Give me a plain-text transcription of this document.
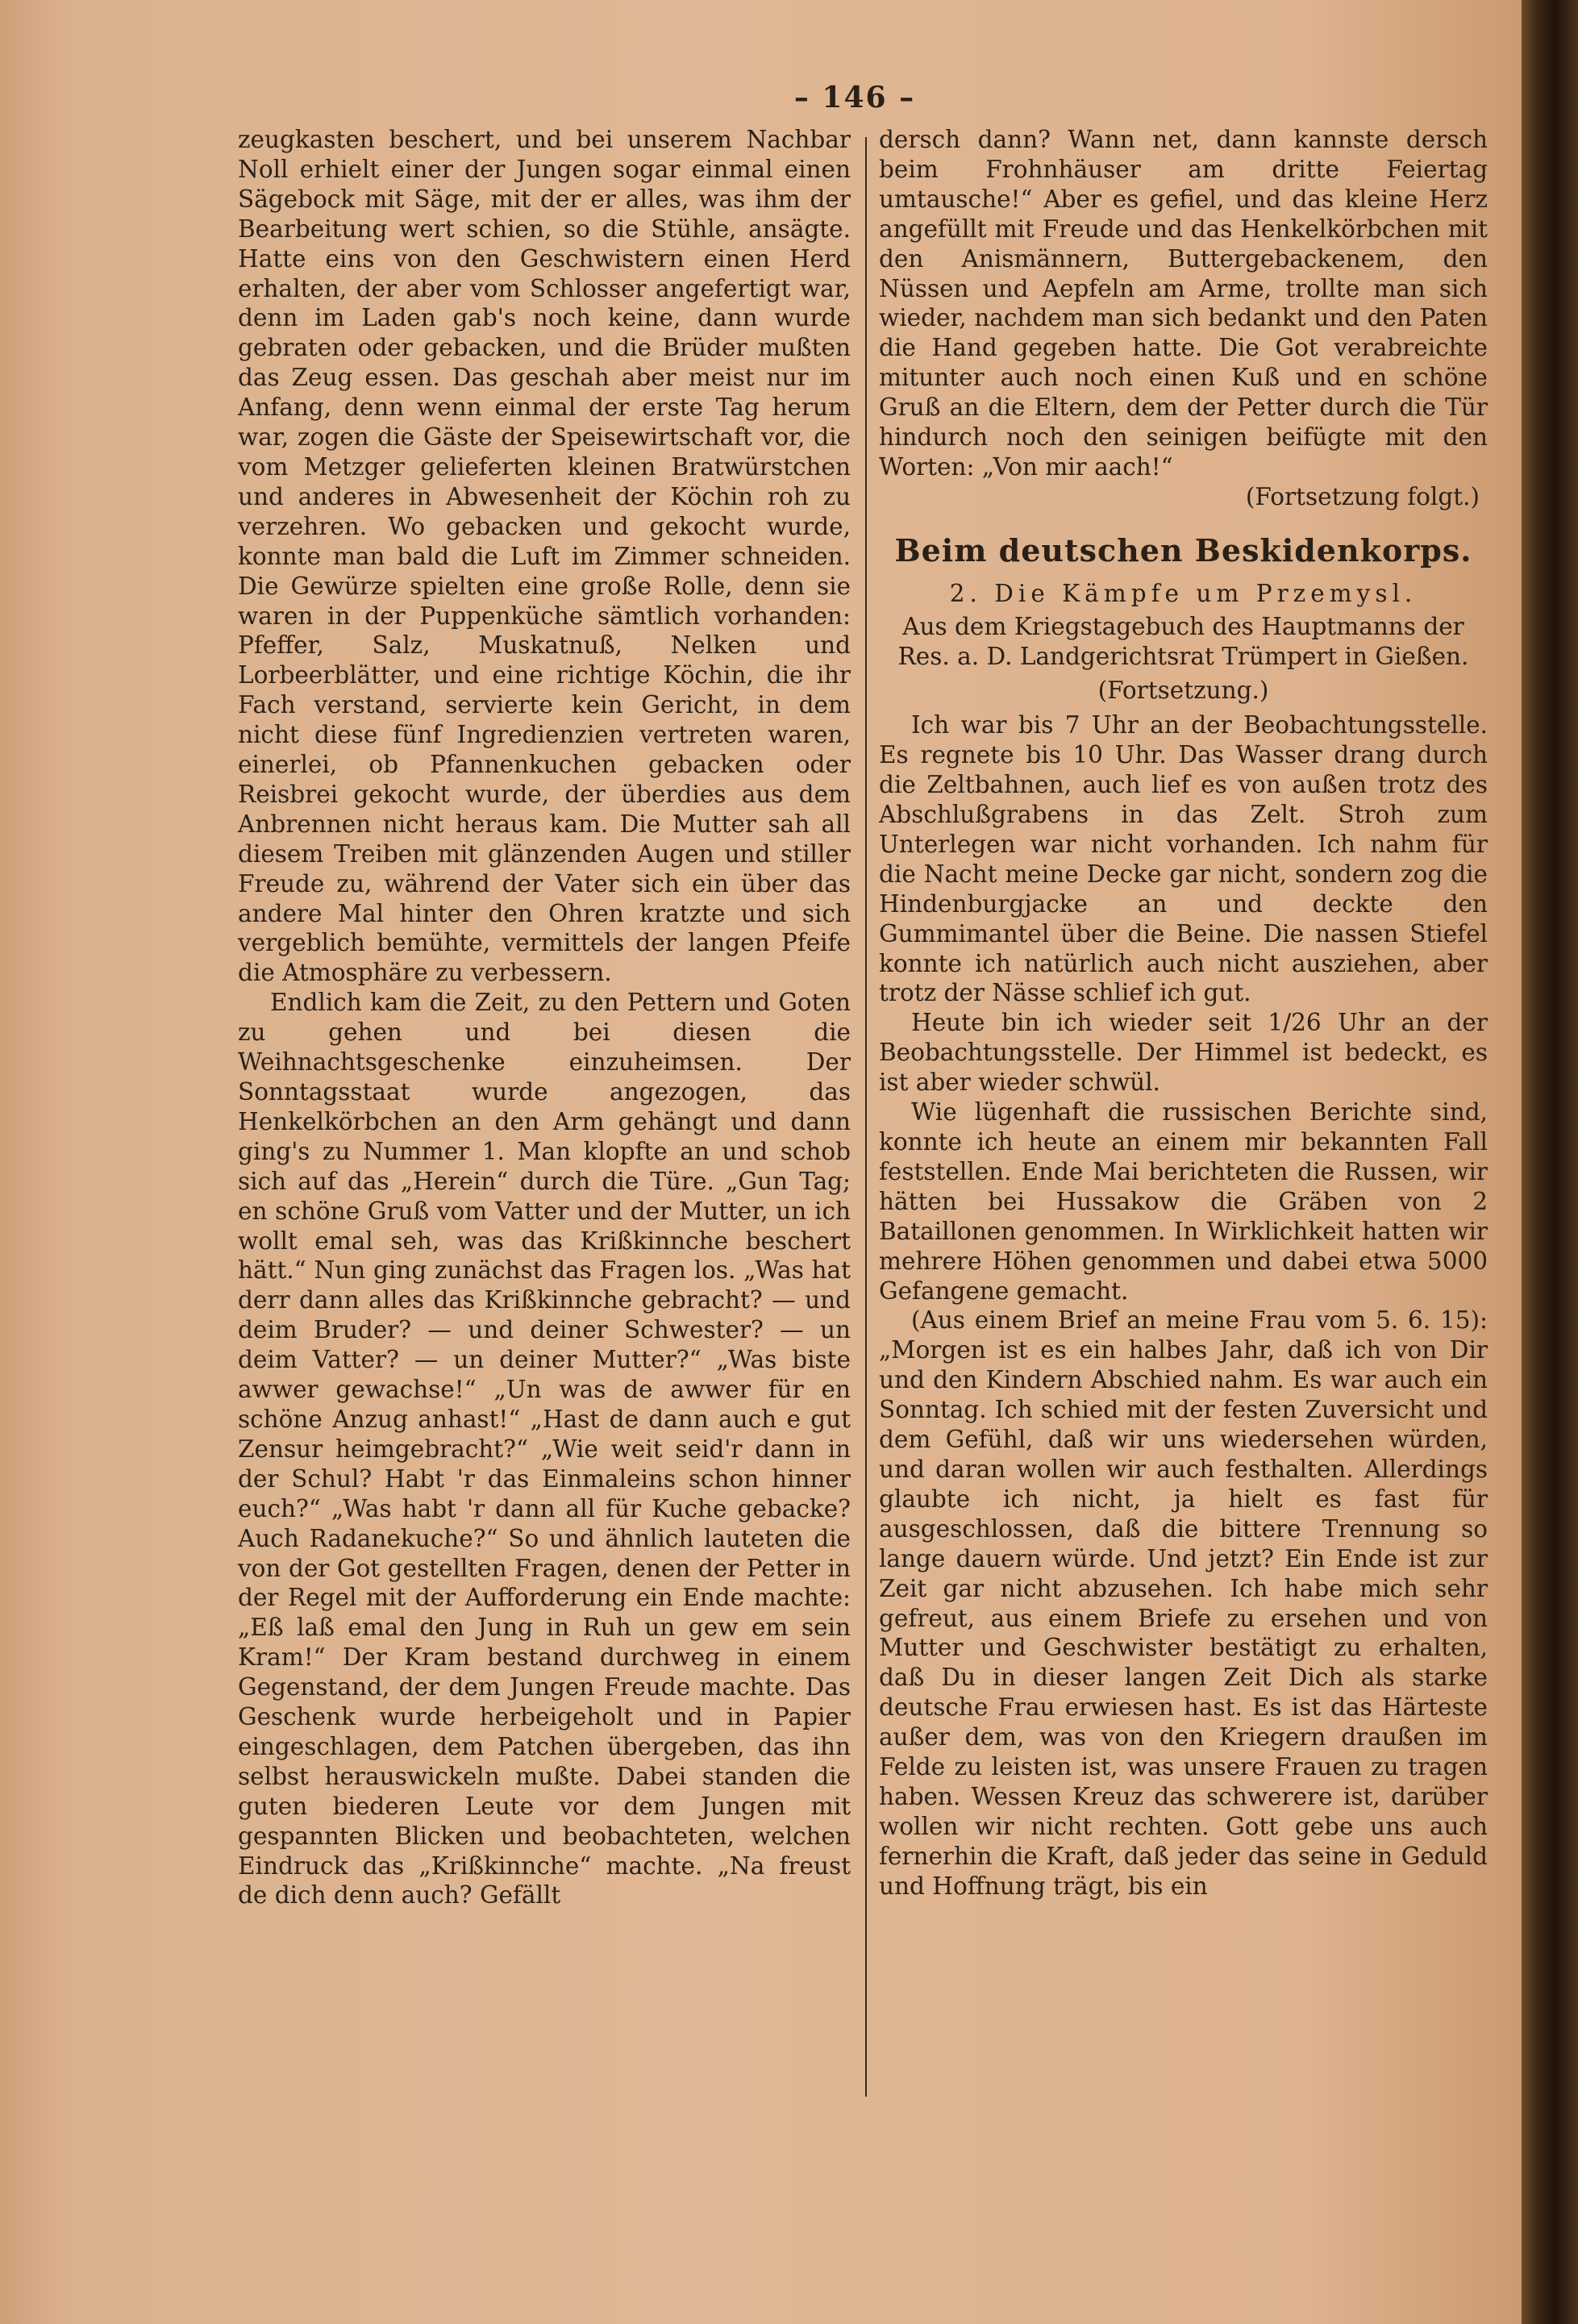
– 146 –

zeugkasten beschert, und bei unserem Nachbar Noll erhielt einer der Jungen sogar einmal einen Sägebock mit Säge, mit der er alles, was ihm der Bearbeitung wert schien, so die Stühle, ansägte. Hatte eins von den Geschwistern einen Herd erhalten, der aber vom Schlosser angefertigt war, denn im Laden gab's noch keine, dann wurde gebraten oder gebacken, und die Brüder mußten das Zeug essen. Das geschah aber meist nur im Anfang, denn wenn einmal der erste Tag herum war, zogen die Gäste der Speisewirtschaft vor, die vom Metzger gelieferten kleinen Bratwürstchen und anderes in Abwesenheit der Köchin roh zu verzehren. Wo gebacken und gekocht wurde, konnte man bald die Luft im Zimmer schneiden. Die Gewürze spielten eine große Rolle, denn sie waren in der Puppenküche sämtlich vorhanden: Pfeffer, Salz, Muskatnuß, Nelken und Lorbeerblätter, und eine richtige Köchin, die ihr Fach verstand, servierte kein Gericht, in dem nicht diese fünf Ingredienzien vertreten waren, einerlei, ob Pfannenkuchen gebacken oder Reisbrei gekocht wurde, der überdies aus dem Anbrennen nicht heraus kam. Die Mutter sah all diesem Treiben mit glänzenden Augen und stiller Freude zu, während der Vater sich ein über das andere Mal hinter den Ohren kratzte und sich vergeblich bemühte, vermittels der langen Pfeife die Atmosphäre zu verbessern.

Endlich kam die Zeit, zu den Pettern und Goten zu gehen und bei diesen die Weihnachtsgeschenke einzuheimsen. Der Sonntagsstaat wurde angezogen, das Henkelkörbchen an den Arm gehängt und dann ging's zu Nummer 1. Man klopfte an und schob sich auf das „Herein“ durch die Türe. „Gun Tag; en schöne Gruß vom Vatter und der Mutter, un ich wollt emal seh, was das Krißkinnche beschert hätt.“ Nun ging zunächst das Fragen los. „Was hat derr dann alles das Krißkinnche gebracht? — und deim Bruder? — und deiner Schwester? — un deim Vatter? — un deiner Mutter?“ „Was biste awwer gewachse!“ „Un was de awwer für en schöne Anzug anhast!“ „Hast de dann auch e gut Zensur heimgebracht?“ „Wie weit seid'r dann in der Schul? Habt 'r das Einmaleins schon hinner euch?“ „Was habt 'r dann all für Kuche gebacke? Auch Radanekuche?“ So und ähnlich lauteten die von der Got gestellten Fragen, denen der Petter in der Regel mit der Aufforderung ein Ende machte: „Eß laß emal den Jung in Ruh un gew em sein Kram!“ Der Kram bestand durchweg in einem Gegenstand, der dem Jungen Freude machte. Das Geschenk wurde herbeigeholt und in Papier eingeschlagen, dem Patchen übergeben, das ihn selbst herauswickeln mußte. Dabei standen die guten biederen Leute vor dem Jungen mit gespannten Blicken und beobachteten, welchen Eindruck das „Krißkinnche“ machte. „Na freust de dich denn auch? Gefällt

dersch dann? Wann net, dann kannste dersch beim Frohnhäuser am dritte Feiertag umtausche!“ Aber es gefiel, und das kleine Herz angefüllt mit Freude und das Henkelkörbchen mit den Anismännern, Buttergebackenem, den Nüssen und Aepfeln am Arme, trollte man sich wieder, nachdem man sich bedankt und den Paten die Hand gegeben hatte. Die Got verabreichte mitunter auch noch einen Kuß und en schöne Gruß an die Eltern, dem der Petter durch die Tür hindurch noch den seinigen beifügte mit den Worten: „Von mir aach!“

(Fortsetzung folgt.)

Beim deutschen Beskidenkorps.

2. Die Kämpfe um Przemysl.

Aus dem Kriegstagebuch des Hauptmanns der Res. a. D. Landgerichtsrat Trümpert in Gießen.

(Fortsetzung.)

Ich war bis 7 Uhr an der Beobachtungsstelle. Es regnete bis 10 Uhr. Das Wasser drang durch die Zeltbahnen, auch lief es von außen trotz des Abschlußgrabens in das Zelt. Stroh zum Unterlegen war nicht vorhanden. Ich nahm für die Nacht meine Decke gar nicht, sondern zog die Hindenburgjacke an und deckte den Gummimantel über die Beine. Die nassen Stiefel konnte ich natürlich auch nicht ausziehen, aber trotz der Nässe schlief ich gut.

Heute bin ich wieder seit 1/26 Uhr an der Beobachtungsstelle. Der Himmel ist bedeckt, es ist aber wieder schwül.

Wie lügenhaft die russischen Berichte sind, konnte ich heute an einem mir bekannten Fall feststellen. Ende Mai berichteten die Russen, wir hätten bei Hussakow die Gräben von 2 Bataillonen genommen. In Wirklichkeit hatten wir mehrere Höhen genommen und dabei etwa 5000 Gefangene gemacht.

(Aus einem Brief an meine Frau vom 5. 6. 15): „Morgen ist es ein halbes Jahr, daß ich von Dir und den Kindern Abschied nahm. Es war auch ein Sonntag. Ich schied mit der festen Zuversicht und dem Gefühl, daß wir uns wiedersehen würden, und daran wollen wir auch festhalten. Allerdings glaubte ich nicht, ja hielt es fast für ausgeschlossen, daß die bittere Trennung so lange dauern würde. Und jetzt? Ein Ende ist zur Zeit gar nicht abzusehen. Ich habe mich sehr gefreut, aus einem Briefe zu ersehen und von Mutter und Geschwister bestätigt zu erhalten, daß Du in dieser langen Zeit Dich als starke deutsche Frau erwiesen hast. Es ist das Härteste außer dem, was von den Kriegern draußen im Felde zu leisten ist, was unsere Frauen zu tragen haben. Wessen Kreuz das schwerere ist, darüber wollen wir nicht rechten. Gott gebe uns auch fernerhin die Kraft, daß jeder das seine in Geduld und Hoffnung trägt, bis ein
